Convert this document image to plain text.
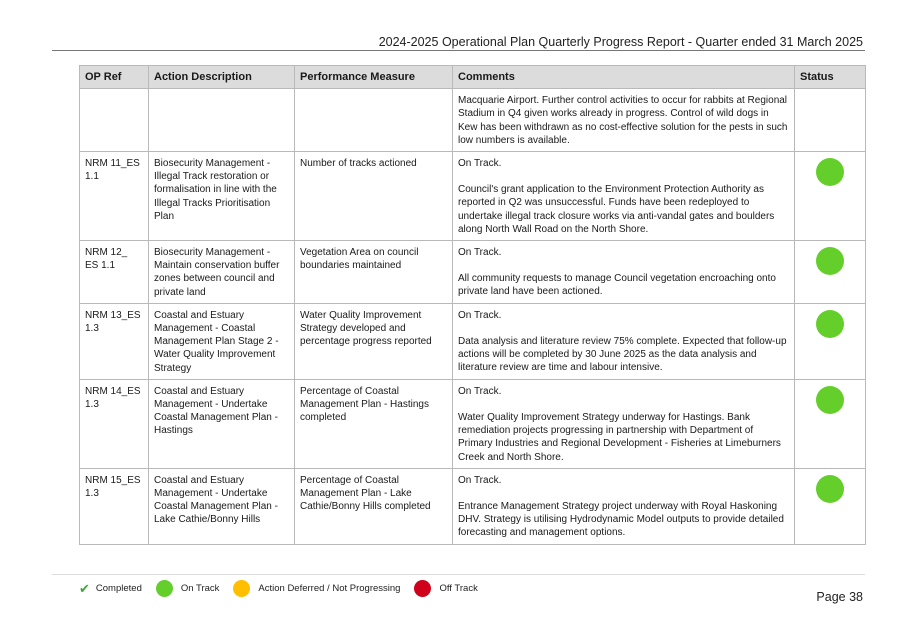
2024-2025 Operational Plan Quarterly Progress Report - Quarter ended 31 March 2025
OP Ref	Action Description	Performance Measure	Comments	Status
			Macquarie Airport. Further control activities to occur for rabbits at Regional Stadium in Q4 given works already in progress. Control of wild dogs in Kew has been withdrawn as no cost-effective solution for the pests in such low numbers is available.	
NRM 11_ES 1.1	Biosecurity Management - Illegal Track restoration or formalisation in line with the Illegal Tracks Prioritisation Plan	Number of tracks actioned	On Track.
Council's grant application to the Environment Protection Authority as reported in Q2 was unsuccessful. Funds have been redeployed to undertake illegal track closure works via anti-vandal gates and boulders along North Wall Road on the North Shore.	
NRM 12_ ES 1.1	Biosecurity Management - Maintain conservation buffer zones between council and private land	Vegetation Area on council boundaries maintained	On Track.
All community requests to manage Council vegetation encroaching onto private land have been actioned.	
NRM 13_ES 1.3	Coastal and Estuary Management - Coastal Management Plan Stage 2 - Water Quality Improvement Strategy	Water Quality Improvement Strategy developed and percentage progress reported	On Track.
Data analysis and literature review 75% complete. Expected that follow-up actions will be completed by 30 June 2025 as the data analysis and literature review are time and labour intensive.	
NRM 14_ES 1.3	Coastal and Estuary Management - Undertake Coastal Management Plan - Hastings	Percentage of Coastal Management Plan - Hastings completed	On Track.
Water Quality Improvement Strategy underway for Hastings. Bank remediation projects progressing in partnership with Department of Primary Industries and Regional Development - Fisheries at Limeburners Creek and North Shore.	
NRM 15_ES 1.3	Coastal and Estuary Management - Undertake Coastal Management Plan - Lake Cathie/Bonny Hills	Percentage of Coastal Management Plan - Lake Cathie/Bonny Hills completed	On Track.
Entrance Management Strategy project underway with Royal Haskoning DHV. Strategy is utilising Hydrodynamic Model outputs to provide detailed forecasting and management options.	
✔ Completed	On Track	Action Deferred / Not Progressing	Off Track
Page 38
